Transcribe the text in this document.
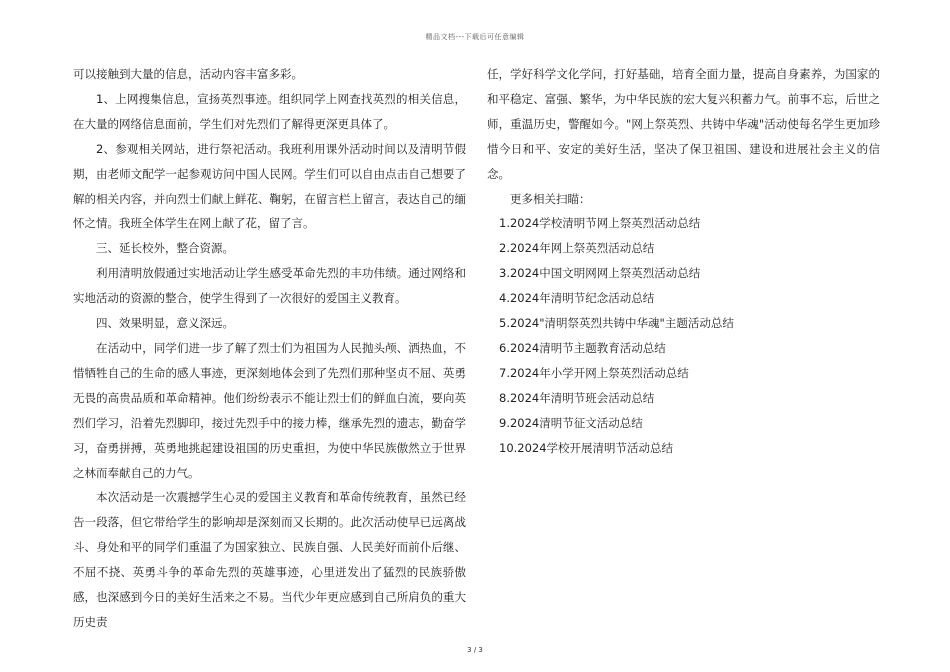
精品文档---下载后可任意编辑

可以接触到大量的信息，活动内容丰富多彩。

1、上网搜集信息，宣扬英烈事迹。组织同学上网查找英烈的相关信息，在大量的网络信息面前，学生们对先烈们了解得更深更具体了。

2、参观相关网站，进行祭祀活动。我班利用课外活动时间以及清明节假期，由老师文配学一起参观访问中国人民网。学生们可以自由点击自己想要了解的相关内容，并向烈士们献上鲜花、鞠躬，在留言栏上留言，表达自己的缅怀之情。我班全体学生在网上献了花，留了言。

三、延长校外，整合资源。

利用清明放假通过实地活动让学生感受革命先烈的丰功伟绩。通过网络和实地活动的资源的整合，使学生得到了一次很好的爱国主义教育。

四、效果明显，意义深远。

在活动中，同学们进一步了解了烈士们为祖国为人民抛头颅、洒热血，不惜牺牲自己的生命的感人事迹，更深刻地体会到了先烈们那种坚贞不屈、英勇无畏的高贵品质和革命精神。他们纷纷表示不能让烈士们的鲜血白流，要向英烈们学习，沿着先烈脚印，接过先烈手中的接力棒，继承先烈的遗志，勤奋学习，奋勇拼搏，英勇地挑起建设祖国的历史重担，为使中华民族傲然立于世界之林而奉献自己的力气。

本次活动是一次震撼学生心灵的爱国主义教育和革命传统教育，虽然已经告一段落，但它带给学生的影响却是深刻而又长期的。此次活动使早已远离战斗、身处和平的同学们重温了为国家独立、民族自强、人民美好而前仆后继、不屈不挠、英勇斗争的革命先烈的英雄事迹，心里迸发出了猛烈的民族骄傲感，也深感到今日的美好生活来之不易。当代少年更应感到自己所肩负的重大历史责

任，学好科学文化学问，打好基础，培育全面力量，提高自身素养，为国家的和平稳定、富强、繁华，为中华民族的宏大复兴积蓄力气。前事不忘，后世之师，重温历史，警醒如今。"网上祭英烈、共铸中华魂"活动使每名学生更加珍惜今日和平、安定的美好生活，坚决了保卫祖国、建设和进展社会主义的信念。

更多相关扫瞄：

1.2024学校清明节网上祭英烈活动总结
2.2024年网上祭英烈活动总结
3.2024中国文明网网上祭英烈活动总结
4.2024年清明节纪念活动总结
5.2024"清明祭英烈共铸中华魂"主题活动总结
6.2024清明节主题教育活动总结
7.2024年小学开网上祭英烈活动总结
8.2024年清明节班会活动总结
9.2024清明节征文活动总结
10.2024学校开展清明节活动总结
3 / 3
